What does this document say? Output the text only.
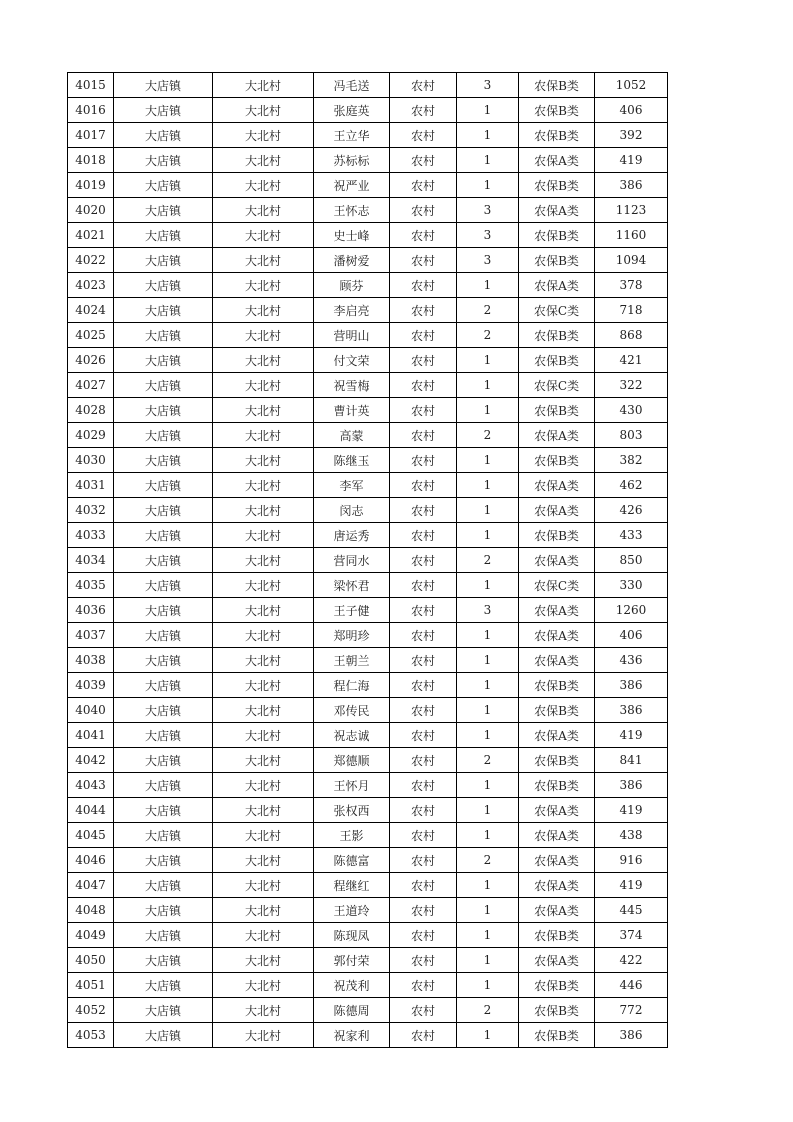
4015	大店镇	大北村	冯毛送	农村	3	农保B类	1052
4016	大店镇	大北村	张庭英	农村	1	农保B类	406
4017	大店镇	大北村	王立华	农村	1	农保B类	392
4018	大店镇	大北村	苏标标	农村	1	农保A类	419
4019	大店镇	大北村	祝严业	农村	1	农保B类	386
4020	大店镇	大北村	王怀志	农村	3	农保A类	1123
4021	大店镇	大北村	史士峰	农村	3	农保B类	1160
4022	大店镇	大北村	潘树爱	农村	3	农保B类	1094
4023	大店镇	大北村	顾芬	农村	1	农保A类	378
4024	大店镇	大北村	李启亮	农村	2	农保C类	718
4025	大店镇	大北村	营明山	农村	2	农保B类	868
4026	大店镇	大北村	付文荣	农村	1	农保B类	421
4027	大店镇	大北村	祝雪梅	农村	1	农保C类	322
4028	大店镇	大北村	曹计英	农村	1	农保B类	430
4029	大店镇	大北村	高蒙	农村	2	农保A类	803
4030	大店镇	大北村	陈继玉	农村	1	农保B类	382
4031	大店镇	大北村	李军	农村	1	农保A类	462
4032	大店镇	大北村	闵志	农村	1	农保A类	426
4033	大店镇	大北村	唐运秀	农村	1	农保B类	433
4034	大店镇	大北村	营同水	农村	2	农保A类	850
4035	大店镇	大北村	梁怀君	农村	1	农保C类	330
4036	大店镇	大北村	王子健	农村	3	农保A类	1260
4037	大店镇	大北村	郑明珍	农村	1	农保A类	406
4038	大店镇	大北村	王朝兰	农村	1	农保A类	436
4039	大店镇	大北村	程仁海	农村	1	农保B类	386
4040	大店镇	大北村	邓传民	农村	1	农保B类	386
4041	大店镇	大北村	祝志诚	农村	1	农保A类	419
4042	大店镇	大北村	郑德顺	农村	2	农保B类	841
4043	大店镇	大北村	王怀月	农村	1	农保B类	386
4044	大店镇	大北村	张权西	农村	1	农保A类	419
4045	大店镇	大北村	王影	农村	1	农保A类	438
4046	大店镇	大北村	陈德富	农村	2	农保A类	916
4047	大店镇	大北村	程继红	农村	1	农保A类	419
4048	大店镇	大北村	王道玲	农村	1	农保A类	445
4049	大店镇	大北村	陈现凤	农村	1	农保B类	374
4050	大店镇	大北村	郭付荣	农村	1	农保A类	422
4051	大店镇	大北村	祝茂利	农村	1	农保B类	446
4052	大店镇	大北村	陈德周	农村	2	农保B类	772
4053	大店镇	大北村	祝家利	农村	1	农保B类	386
